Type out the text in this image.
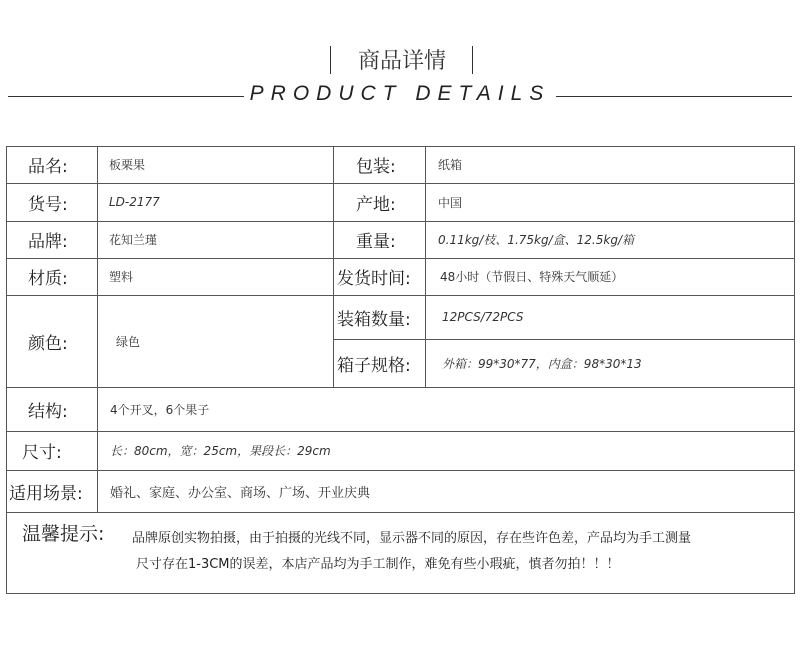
商品详情
PRODUCT DETAILS
品名:	板栗果	包装:	纸箱
货号:	LD-2177	产地:	中国
品牌:	花知兰瑾	重量:	0.11kg/枝、1.75kg/盒、12.5kg/箱
材质:	塑料	发货时间: 48小时（节假日、特殊天气顺延）
颜色:	绿色
装箱数量:	12PCS/72PCS
箱子规格:	外箱：99*30*77，内盒：98*30*13
结构:	4个开叉，6个果子
尺寸:	长：80cm，宽：25cm，果段长：29cm
适用场景: 婚礼、家庭、办公室、商场、广场、开业庆典
温馨提示: 品牌原创实物拍摄，由于拍摄的光线不同，显示器不同的原因，存在些许色差，产品均为手工测量
尺寸存在1-3CM的误差，本店产品均为手工制作，难免有些小瑕疵，慎者勿拍！！！
